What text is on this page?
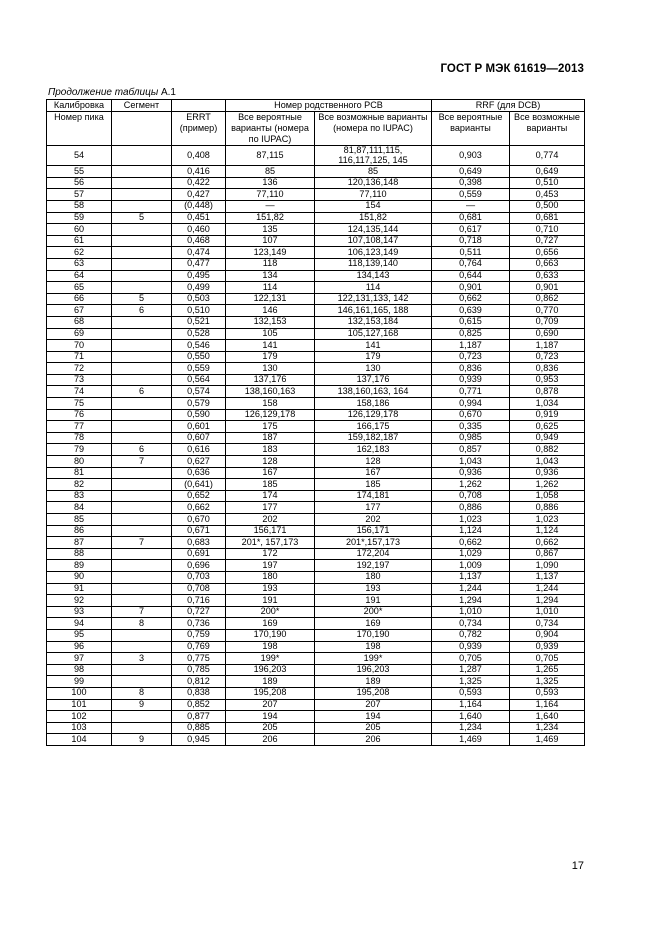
ГОСТ Р МЭК 61619—2013
Продолжение таблицы А.1
Калибровка	Сегмент		Номер родственного PCB		RRF (для DCB)	
Номер пика		ERRT (пример)	Все вероятные варианты (номера по IUPAC)	Все возможные варианты (номера по IUPAC)	Все вероятные варианты	Все возможные варианты
54		0,408	87,115	81,87,111,115, 116,117,125, 145	0,903	0,774
55		0,416	85	85	0,649	0,649
56		0,422	136	120,136,148	0,398	0,510
57		0,427	77,110	77,110	0,559	0,453
58		(0,448)	—	154	—	0,500
59	5	0,451	151,82	151,82	0,681	0,681
60		0,460	135	124,135,144	0,617	0,710
61		0,468	107	107,108,147	0,718	0,727
62		0,474	123,149	106,123,149	0,511	0,656
63		0,477	118	118,139,140	0,764	0,663
64		0,495	134	134,143	0,644	0,633
65		0,499	114	114	0,901	0,901
66	5	0,503	122,131	122,131,133, 142	0,662	0,862
67	6	0,510	146	146,161,165, 188	0,639	0,770
68		0,521	132,153	132,153,184	0,615	0,709
69		0,528	105	105,127,168	0,825	0,690
70		0,546	141	141	1,187	1,187
71		0,550	179	179	0,723	0,723
72		0,559	130	130	0,836	0,836
73		0,564	137,176	137,176	0,939	0,953
74	6	0,574	138,160,163	138,160,163, 164	0,771	0,878
75		0,579	158	158,186	0,994	1,034
76		0,590	126,129,178	126,129,178	0,670	0,919
77		0,601	175	166,175	0,335	0,625
78		0,607	187	159,182,187	0,985	0,949
79	6	0,616	183	162,183	0,857	0,882
80	7	0,627	128	128	1,043	1,043
81		0,636	167	167	0,936	0,936
82		(0,641)	185	185	1,262	1,262
83		0,652	174	174,181	0,708	1,058
84		0,662	177	177	0,886	0,886
85		0,670	202	202	1,023	1,023
86		0,671	156,171	156,171	1,124	1,124
87	7	0,683	201*, 157,173	201*,157,173	0,662	0,662
88		0,691	172	172,204	1,029	0,867
89		0,696	197	192,197	1,009	1,090
90		0,703	180	180	1,137	1,137
91		0,708	193	193	1,244	1,244
92		0,716	191	191	1,294	1,294
93	7	0,727	200*	200*	1,010	1,010
94	8	0,736	169	169	0,734	0,734
95		0,759	170,190	170,190	0,782	0,904
96		0,769	198	198	0,939	0,939
97	3	0,775	199*	199*	0,705	0,705
98		0,785	196,203	196,203	1,287	1,265
99		0,812	189	189	1,325	1,325
100	8	0,838	195,208	195,208	0,593	0,593
101	9	0,852	207	207	1,164	1,164
102		0,877	194	194	1,640	1,640
103		0,885	205	205	1,234	1,234
104	9	0,945	206	206	1,469	1,469
17
